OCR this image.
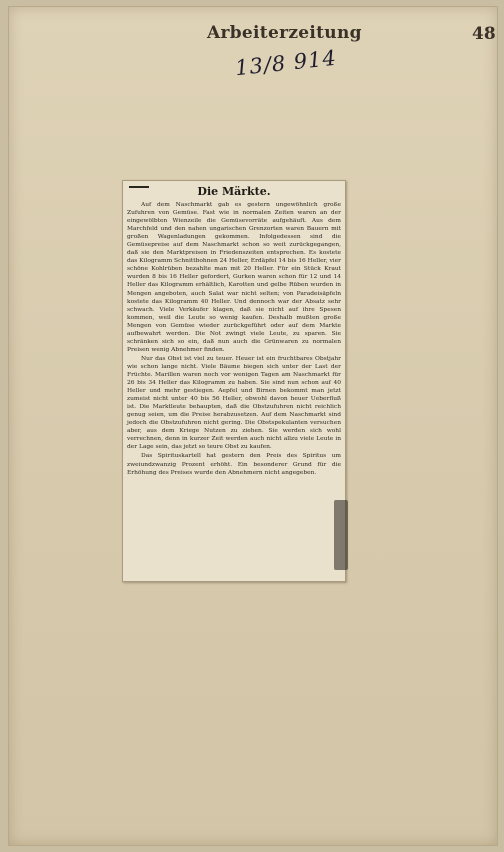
Arbeiterzeitung	48
13/8 914
Die Märkte.

Auf dem Naschmarkt gab es gestern ungewöhnlich große Zufuhren von Gemüse. Fast wie in normalen Zeiten waren an der eingewölbten Wienzeile die Gemüsevorräte aufgehäuft. Aus dem Marchfeld und den nahen ungarischen Grenzorten waren Bauern mit großen Wagenladungen gekommen. Infolgedessen sind die Gemüsepreise auf dem Naschmarkt schon so weit zurückgegangen, daß sie den Marktpreisen in Friedenszeiten entsprechen. Es kostete das Kilogramm Schnittbohnen 24 Heller, Erdäpfel 14 bis 16 Heller, vier schöne Kohlrüben bezahlte man mit 20 Heller. Für ein Stück Kraut wurden 8 bis 16 Heller gefordert, Gurken waren schon für 12 und 14 Heller das Kilogramm erhältlich, Karotten und gelbe Rüben wurden in Mengen angeboten, auch Salat war nicht selten; von Paradeisäpfeln kostete das Kilogramm 40 Heller. Und dennoch war der Absatz sehr schwach. Viele Verkäufer klagen, daß sie nicht auf ihre Spesen kommen, weil die Leute so wenig kaufen. Deshalb mußten große Mengen von Gemüse wieder zurückgeführt oder auf dem Markte aufbewahrt werden. Die Not zwingt viele Leute, zu sparen. Sie schränken sich so ein, daß nun auch die Grünwaren zu normalen Preisen wenig Abnehmer finden.

Nur das Obst ist viel zu teuer. Heuer ist ein fruchtbares Obstjahr wie schon lange nicht. Viele Bäume biegen sich unter der Last der Früchte. Marillen waren noch vor wenigen Tagen am Naschmarkt für 26 bis 34 Heller das Kilogramm zu haben. Sie sind nun schon auf 40 Heller und mehr gestiegen. Aepfel und Birnen bekommt man jetzt zumeist nicht unter 40 bis 56 Heller, obwohl davon heuer Ueberfluß ist. Die Marktleute behaupten, daß die Obstzufuhren nicht reichlich genug seien, um die Preise herabzusetzen. Auf dem Naschmarkt sind jedoch die Obstzufuhren nicht gering. Die Obstspekulanten versuchen aber, aus dem Kriege Nutzen zu ziehen. Sie werden sich wohl verrechnen, denn in kurzer Zeit werden auch nicht allzu viele Leute in der Lage sein, das jetzt so teure Obst zu kaufen.

Das Spirituskartell hat gestern den Preis des Spiritus um zweiundzwanzig Prozent erhöht. Ein besonderer Grund für die Erhöhung des Preises wurde den Abnehmern nicht angegeben.
